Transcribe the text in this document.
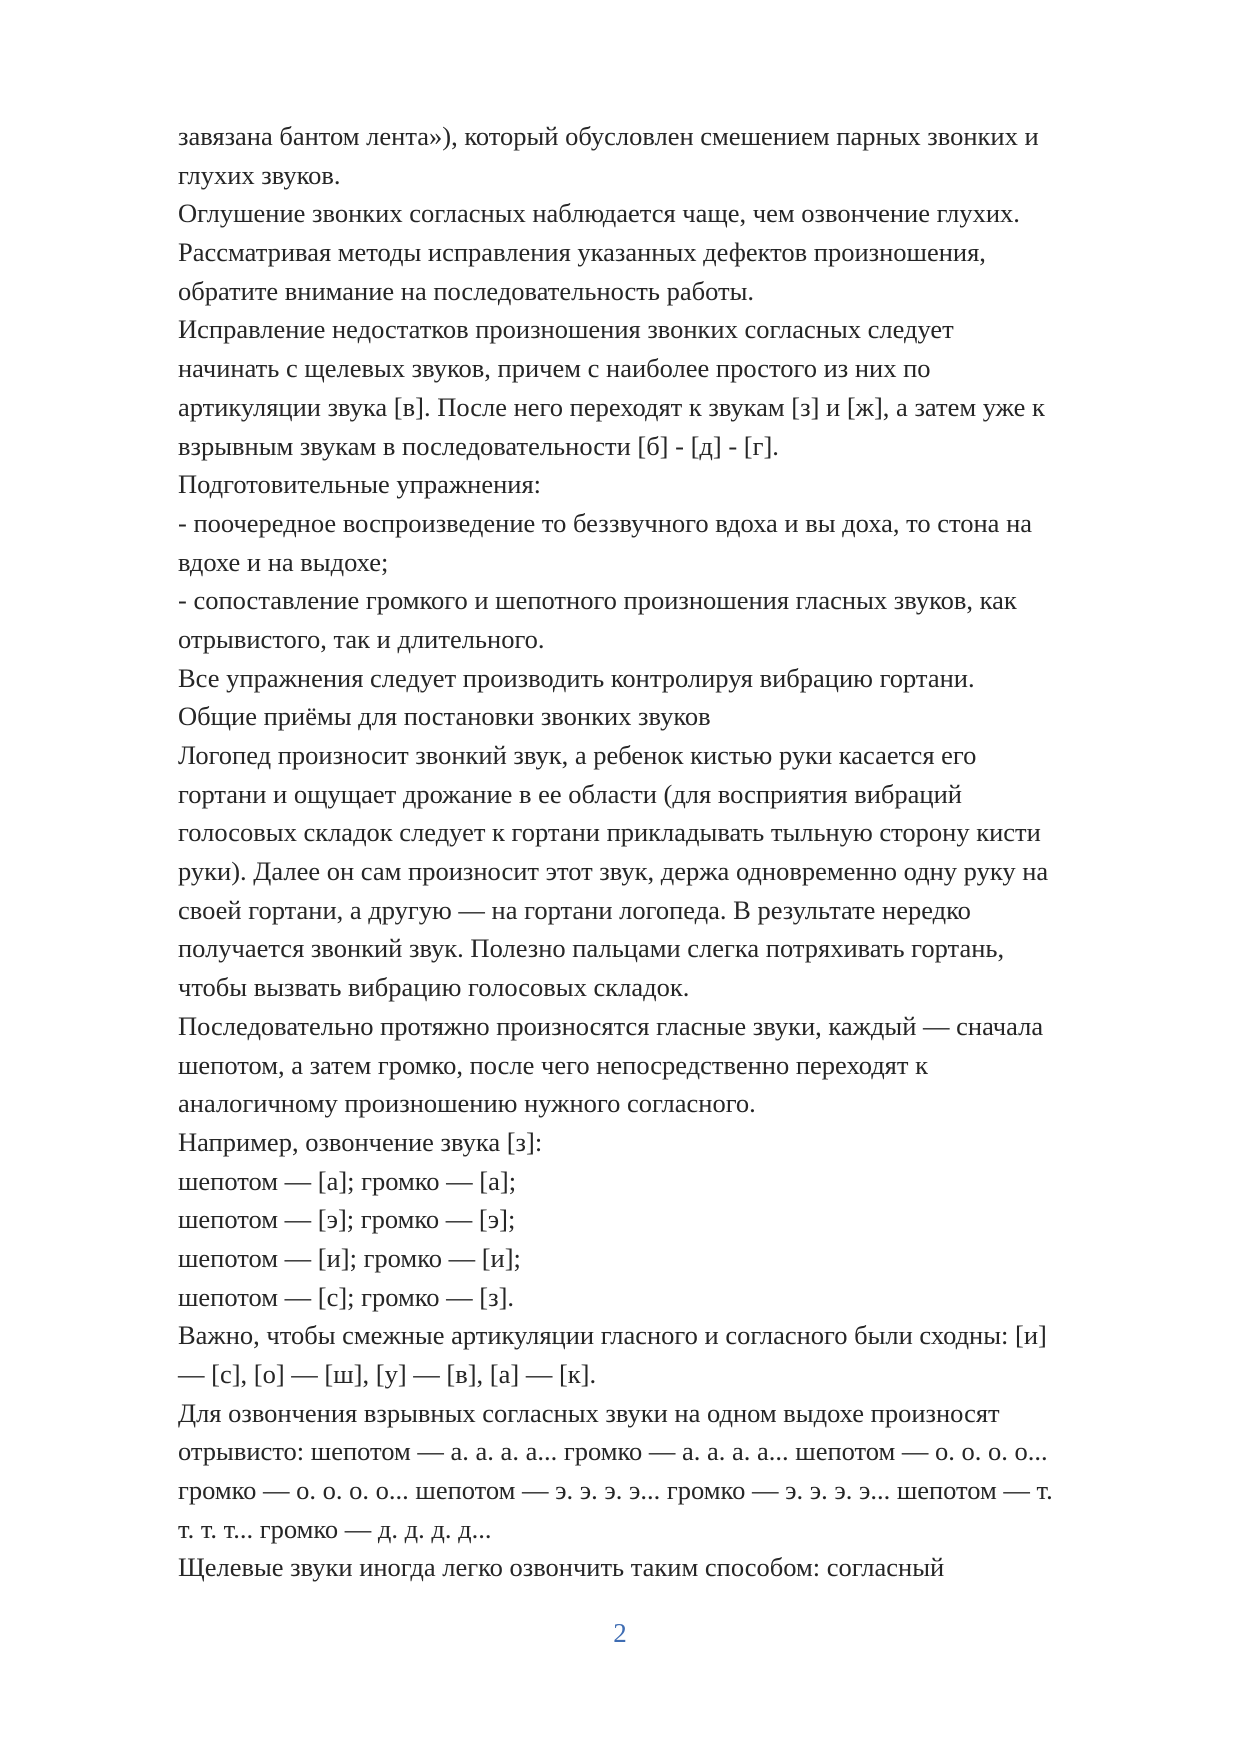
завязана бантом лента»), который обусловлен смешением парных звонких и
глухих звуков.
Оглушение звонких согласных наблюдается чаще, чем озвончение глухих.
Рассматривая методы исправления указанных дефектов произношения,
обратите внимание на последовательность работы.
Исправление недостатков произношения звонких согласных следует
начинать с щелевых звуков, причем с наиболее простого из них по
артикуляции звука [в]. После него переходят к звукам [з] и [ж], а затем уже к
взрывным звукам в последовательности [б] - [д] - [г].
Подготовительные упражнения:
- поочередное воспроизведение то беззвучного вдоха и вы доха, то стона на
вдохе и на выдохе;
- сопоставление громкого и шепотного произношения гласных звуков, как
отрывистого, так и длительного.
Все упражнения следует производить контролируя вибрацию гортани.
Общие приёмы для постановки звонких звуков
Логопед произносит звонкий звук, а ребенок кистью руки касается его
гортани и ощущает дрожание в ее области (для восприятия вибраций
голосовых складок следует к гортани прикладывать тыльную сторону кисти
руки). Далее он сам произносит этот звук, держа одновременно одну руку на
своей гортани, а другую — на гортани логопеда. В результате нередко
получается звонкий звук. Полезно пальцами слегка потряхивать гортань,
чтобы вызвать вибрацию голосовых складок.
Последовательно протяжно произносятся гласные звуки, каждый — сначала
шепотом, а затем громко, после чего непосредственно переходят к
аналогичному произношению нужного согласного.
Например, озвончение звука [з]:
шепотом — [а]; громко — [а];
шепотом — [э]; громко — [э];
шепотом — [и]; громко — [и];
шепотом — [с]; громко — [з].
Важно, чтобы смежные артикуляции гласного и согласного были сходны: [и]
— [с], [о] — [ш], [у] — [в], [а] — [к].
Для озвончения взрывных согласных звуки на одном выдохе произносят
отрывисто: шепотом — а. а. а. а... громко — а. а. а. а... шепотом — о. о. о. о...
громко — о. о. о. о... шепотом — э. э. э. э... громко — э. э. э. э... шепотом — т.
т. т. т... громко — д. д. д. д...
Щелевые звуки иногда легко озвончить таким способом: согласный
2
